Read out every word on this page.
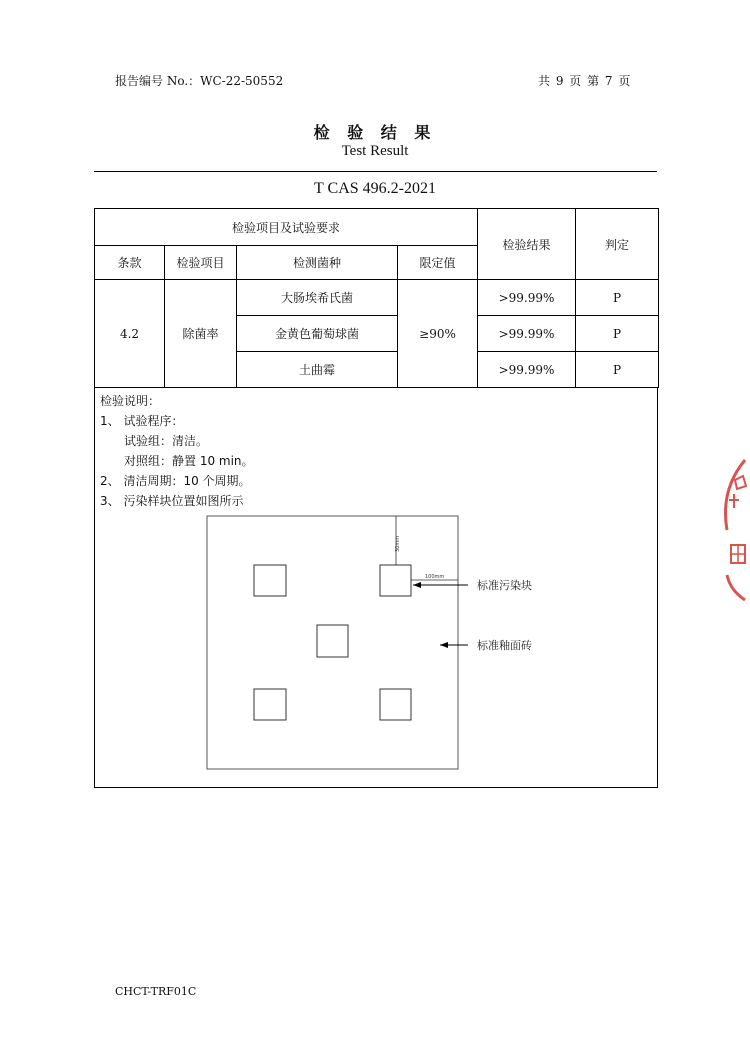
报告编号 No.：WC-22-50552	共 9 页 第 7 页
检 验 结 果
Test Result
T CAS 496.2-2021
检验项目及试验要求				检验结果	判定
条款	检验项目	检测菌种	限定值		
4.2	除菌率	大肠埃希氏菌	≥90%	>99.99%	P
		金黄色葡萄球菌		>99.99%	P
		土曲霉		>99.99%	P
检验说明：
1、 试验程序：
试验组：清洁。
对照组：静置 10 min。
2、 清洁周期：10 个周期。
3、 污染样块位置如图所示
30mm
100mm
标准污染块
标准釉面砖
CHCT-TRF01C
